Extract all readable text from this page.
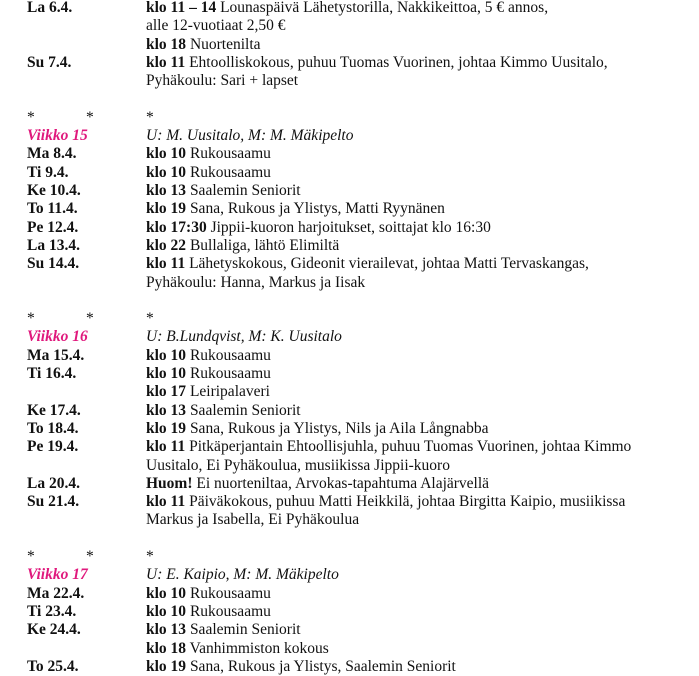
La 6.4.	klo 11 – 14 Lounaspäivä Lähetystorilla, Nakkikeittoa, 5 € annos,
alle 12-vuotiaat 2,50 €
klo 18 Nuortenilta
Su 7.4.	klo 11 Ehtoolliskokous, puhuu Tuomas Vuorinen, johtaa Kimmo Uusitalo,
Pyhäkoulu: Sari + lapset
*	*	*
Viikko 15	U: M. Uusitalo, M: M. Mäkipelto
Ma 8.4.	klo 10 Rukousaamu
Ti 9.4.	klo 10 Rukousaamu
Ke 10.4.	klo 13 Saalemin Seniorit
To 11.4.	klo 19 Sana, Rukous ja Ylistys, Matti Ryynänen
Pe 12.4.	klo 17:30 Jippii-kuoron harjoitukset, soittajat klo 16:30
La 13.4.	klo 22 Bullaliga, lähtö Elimiltä
Su 14.4.	klo 11 Lähetyskokous, Gideonit vierailevat, johtaa Matti Tervaskangas,
Pyhäkoulu: Hanna, Markus ja Iisak
*	*	*
Viikko 16	U: B.Lundqvist, M: K. Uusitalo
Ma 15.4.	klo 10 Rukousaamu
Ti 16.4.	klo 10 Rukousaamu
klo 17 Leiripalaveri
Ke 17.4.	klo 13 Saalemin Seniorit
To 18.4.	klo 19 Sana, Rukous ja Ylistys, Nils ja Aila Långnabba
Pe 19.4.	klo 11 Pitkäperjantain Ehtoollisjuhla, puhuu Tuomas Vuorinen, johtaa Kimmo
Uusitalo, Ei Pyhäkoulua, musiikissa Jippii-kuoro
La 20.4.	Huom! Ei nuorteniltaa, Arvokas-tapahtuma Alajärvellä
Su 21.4.	klo 11 Päiväkokous, puhuu Matti Heikkilä, johtaa Birgitta Kaipio, musiikissa
Markus ja Isabella, Ei Pyhäkoulua
*	*	*
Viikko 17	U: E. Kaipio, M: M. Mäkipelto
Ma 22.4.	klo 10 Rukousaamu
Ti 23.4.	klo 10 Rukousaamu
Ke 24.4.	klo 13 Saalemin Seniorit
klo 18 Vanhimmiston kokous
To 25.4.	klo 19 Sana, Rukous ja Ylistys, Saalemin Seniorit
